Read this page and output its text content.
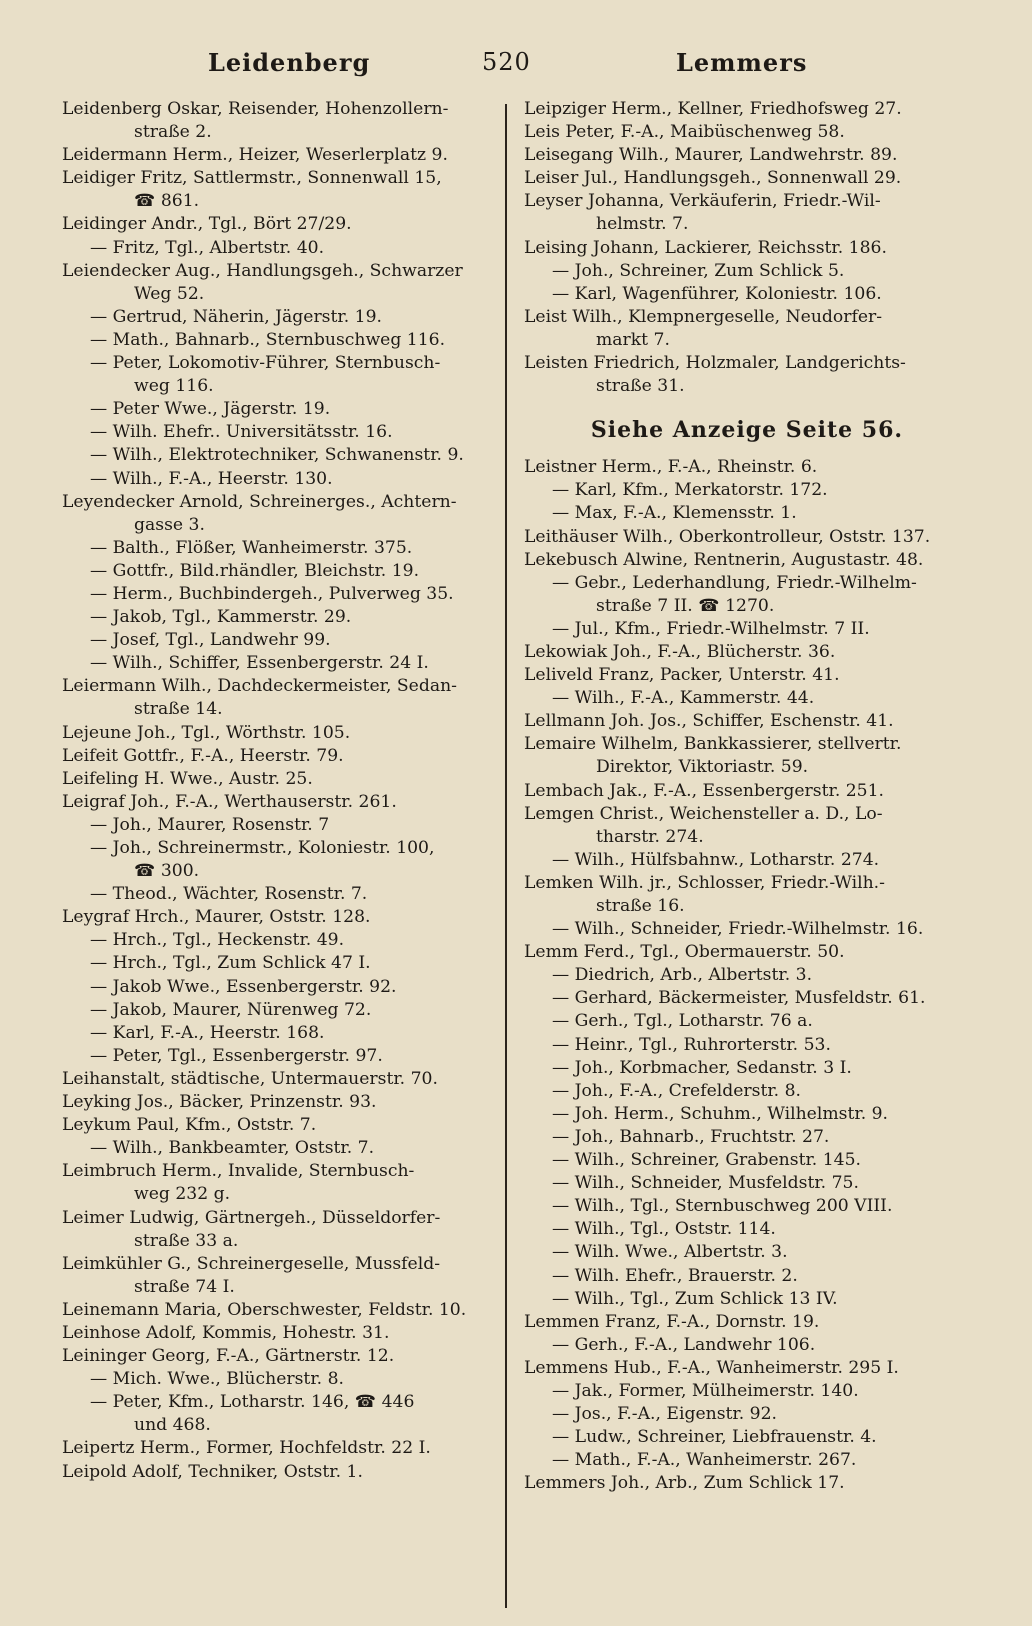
Leidenberg	520	Lemmers
Leidenberg Oskar, Reisender, Hohenzollern-
straße 2.
Leidermann Herm., Heizer, Weserlerplatz 9.
Leidiger Fritz, Sattlermstr., Sonnenwall 15,
☎ 861.
Leidinger Andr., Tgl., Bört 27/29.
— Fritz, Tgl., Albertstr. 40.
Leiendecker Aug., Handlungsgeh., Schwarzer
Weg 52.
— Gertrud, Näherin, Jägerstr. 19.
— Math., Bahnarb., Sternbuschweg 116.
— Peter, Lokomotiv-Führer, Sternbusch-
weg 116.
— Peter Wwe., Jägerstr. 19.
— Wilh. Ehefr.. Universitätsstr. 16.
— Wilh., Elektrotechniker, Schwanenstr. 9.
— Wilh., F.-A., Heerstr. 130.
Leyendecker Arnold, Schreinerges., Achtern-
gasse 3.
— Balth., Flößer, Wanheimerstr. 375.
— Gottfr., Bild.rhändler, Bleichstr. 19.
— Herm., Buchbindergeh., Pulverweg 35.
— Jakob, Tgl., Kammerstr. 29.
— Josef, Tgl., Landwehr 99.
— Wilh., Schiffer, Essenbergerstr. 24 I.
Leiermann Wilh., Dachdeckermeister, Sedan-
straße 14.
Lejeune Joh., Tgl., Wörthstr. 105.
Leifeit Gottfr., F.-A., Heerstr. 79.
Leifeling H. Wwe., Austr. 25.
Leigraf Joh., F.-A., Werthauserstr. 261.
— Joh., Maurer, Rosenstr. 7
— Joh., Schreinermstr., Koloniestr. 100,
☎ 300.
— Theod., Wächter, Rosenstr. 7.
Leygraf Hrch., Maurer, Oststr. 128.
— Hrch., Tgl., Heckenstr. 49.
— Hrch., Tgl., Zum Schlick 47 I.
— Jakob Wwe., Essenbergerstr. 92.
— Jakob, Maurer, Nürenweg 72.
— Karl, F.-A., Heerstr. 168.
— Peter, Tgl., Essenbergerstr. 97.
Leihanstalt, städtische, Untermauerstr. 70.
Leyking Jos., Bäcker, Prinzenstr. 93.
Leykum Paul, Kfm., Oststr. 7.
— Wilh., Bankbeamter, Oststr. 7.
Leimbruch Herm., Invalide, Sternbusch-
weg 232 g.
Leimer Ludwig, Gärtnergeh., Düsseldorfer-
straße 33 a.
Leimkühler G., Schreinergeselle, Mussfeld-
straße 74 I.
Leinemann Maria, Oberschwester, Feldstr. 10.
Leinhose Adolf, Kommis, Hohestr. 31.
Leininger Georg, F.-A., Gärtnerstr. 12.
— Mich. Wwe., Blücherstr. 8.
— Peter, Kfm., Lotharstr. 146, ☎ 446
und 468.
Leipertz Herm., Former, Hochfeldstr. 22 I.
Leipold Adolf, Techniker, Oststr. 1.
Leipziger Herm., Kellner, Friedhofsweg 27.
Leis Peter, F.-A., Maibüschenweg 58.
Leisegang Wilh., Maurer, Landwehrstr. 89.
Leiser Jul., Handlungsgeh., Sonnenwall 29.
Leyser Johanna, Verkäuferin, Friedr.-Wil-
helmstr. 7.
Leising Johann, Lackierer, Reichsstr. 186.
— Joh., Schreiner, Zum Schlick 5.
— Karl, Wagenführer, Koloniestr. 106.
Leist Wilh., Klempnergeselle, Neudorfer-
markt 7.
Leisten Friedrich, Holzmaler, Landgerichts-
straße 31.
Siehe Anzeige Seite 56.
Leistner Herm., F.-A., Rheinstr. 6.
— Karl, Kfm., Merkatorstr. 172.
— Max, F.-A., Klemensstr. 1.
Leithäuser Wilh., Oberkontrolleur, Oststr. 137.
Lekebusch Alwine, Rentnerin, Augustastr. 48.
— Gebr., Lederhandlung, Friedr.-Wilhelm-
straße 7 II. ☎ 1270.
— Jul., Kfm., Friedr.-Wilhelmstr. 7 II.
Lekowiak Joh., F.-A., Blücherstr. 36.
Leliveld Franz, Packer, Unterstr. 41.
— Wilh., F.-A., Kammerstr. 44.
Lellmann Joh. Jos., Schiffer, Eschenstr. 41.
Lemaire Wilhelm, Bankkassierer, stellvertr.
Direktor, Viktoriastr. 59.
Lembach Jak., F.-A., Essenbergerstr. 251.
Lemgen Christ., Weichensteller a. D., Lo-
tharstr. 274.
— Wilh., Hülfsbahnw., Lotharstr. 274.
Lemken Wilh. jr., Schlosser, Friedr.-Wilh.-
straße 16.
— Wilh., Schneider, Friedr.-Wilhelmstr. 16.
Lemm Ferd., Tgl., Obermauerstr. 50.
— Diedrich, Arb., Albertstr. 3.
— Gerhard, Bäckermeister, Musfeldstr. 61.
— Gerh., Tgl., Lotharstr. 76 a.
— Heinr., Tgl., Ruhrorterstr. 53.
— Joh., Korbmacher, Sedanstr. 3 I.
— Joh., F.-A., Crefelderstr. 8.
— Joh. Herm., Schuhm., Wilhelmstr. 9.
— Joh., Bahnarb., Fruchtstr. 27.
— Wilh., Schreiner, Grabenstr. 145.
— Wilh., Schneider, Musfeldstr. 75.
— Wilh., Tgl., Sternbuschweg 200 VIII.
— Wilh., Tgl., Oststr. 114.
— Wilh. Wwe., Albertstr. 3.
— Wilh. Ehefr., Brauerstr. 2.
— Wilh., Tgl., Zum Schlick 13 IV.
Lemmen Franz, F.-A., Dornstr. 19.
— Gerh., F.-A., Landwehr 106.
Lemmens Hub., F.-A., Wanheimerstr. 295 I.
— Jak., Former, Mülheimerstr. 140.
— Jos., F.-A., Eigenstr. 92.
— Ludw., Schreiner, Liebfrauenstr. 4.
— Math., F.-A., Wanheimerstr. 267.
Lemmers Joh., Arb., Zum Schlick 17.
